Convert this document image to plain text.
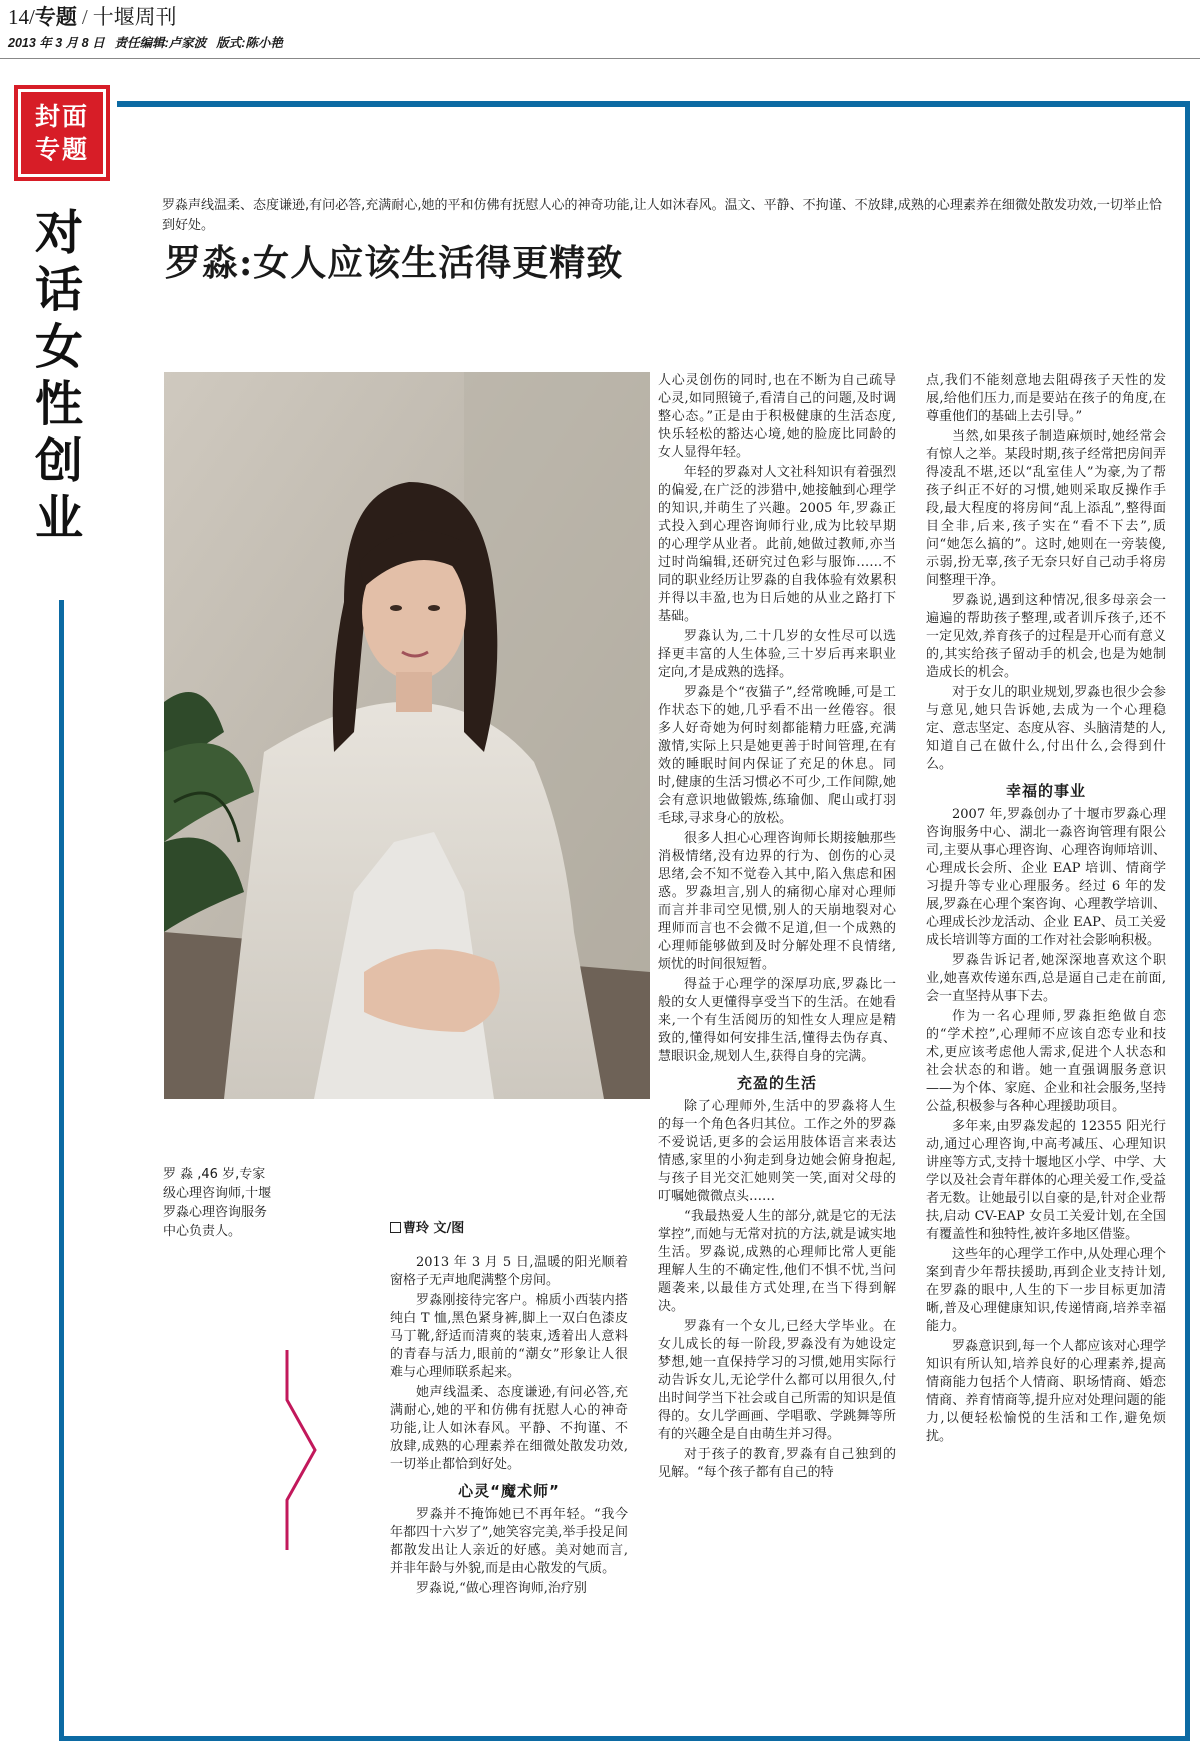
14/专题 / 十堰周刊
2013 年 3 月 8 日 责任编辑:卢家波 版式:陈小艳
封面
专题
对
话
女
性
创
业
罗淼声线温柔、态度谦逊,有问必答,充满耐心,她的平和仿佛有抚慰人心的神奇功能,让人如沐春风。温文、平静、不拘谨、不放肆,成熟的心理素养在细微处散发功效,一切举止恰到好处。
罗淼:女人应该生活得更精致
罗 淼 ,46 岁,专家级心理咨询师,十堰罗淼心理咨询服务中心负责人。	曹玲 文/图

2013 年 3 月 5 日,温暖的阳光顺着窗格子无声地爬满整个房间。

罗淼刚接待完客户。棉质小西装内搭纯白 T 恤,黑色紧身裤,脚上一双白色漆皮马丁靴,舒适而清爽的装束,透着出人意料的青春与活力,眼前的“潮女”形象让人很难与心理师联系起来。

她声线温柔、态度谦逊,有问必答,充满耐心,她的平和仿佛有抚慰人心的神奇功能,让人如沐春风。平静、不拘谨、不放肆,成熟的心理素养在细微处散发功效,一切举止都恰到好处。

心灵“魔术师”

罗淼并不掩饰她已不再年轻。“我今年都四十六岁了”,她笑容完美,举手投足间都散发出让人亲近的好感。美对她而言,并非年龄与外貌,而是由心散发的气质。

罗淼说,“做心理咨询师,治疗别

人心灵创伤的同时,也在不断为自己疏导心灵,如同照镜子,看清自己的问题,及时调整心态。”正是由于积极健康的生活态度,快乐轻松的豁达心境,她的脸庞比同龄的女人显得年轻。

年轻的罗淼对人文社科知识有着强烈的偏爱,在广泛的涉猎中,她接触到心理学的知识,并萌生了兴趣。2005 年,罗淼正式投入到心理咨询师行业,成为比较早期的心理学从业者。此前,她做过教师,亦当过时尚编辑,还研究过色彩与服饰……不同的职业经历让罗淼的自我体验有效累积并得以丰盈,也为日后她的从业之路打下基础。

罗淼认为,二十几岁的女性尽可以选择更丰富的人生体验,三十岁后再来职业定向,才是成熟的选择。

罗淼是个“夜猫子”,经常晚睡,可是工作状态下的她,几乎看不出一丝倦容。很多人好奇她为何时刻都能精力旺盛,充满激情,实际上只是她更善于时间管理,在有效的睡眠时间内保证了充足的休息。同时,健康的生活习惯必不可少,工作间隙,她会有意识地做锻炼,练瑜伽、爬山或打羽毛球,寻求身心的放松。

很多人担心心理咨询师长期接触那些消极情绪,没有边界的行为、创伤的心灵思绪,会不知不觉卷入其中,陷入焦虑和困惑。罗淼坦言,别人的痛彻心扉对心理师而言并非司空见惯,别人的天崩地裂对心理师而言也不会微不足道,但一个成熟的心理师能够做到及时分解处理不良情绪,烦忧的时间很短暂。

得益于心理学的深厚功底,罗淼比一般的女人更懂得享受当下的生活。在她看来,一个有生活阅历的知性女人理应是精致的,懂得如何安排生活,懂得去伪存真、慧眼识金,规划人生,获得自身的完满。

充盈的生活

除了心理师外,生活中的罗淼将人生的每一个角色各归其位。工作之外的罗淼不爱说话,更多的会运用肢体语言来表达情感,家里的小狗走到身边她会俯身抱起,与孩子目光交汇她则笑一笑,面对父母的叮嘱她微微点头……

“我最热爱人生的部分,就是它的无法掌控”,而她与无常对抗的方法,就是诚实地生活。罗淼说,成熟的心理师比常人更能理解人生的不确定性,他们不惧不忧,当问题袭来,以最佳方式处理,在当下得到解决。

罗淼有一个女儿,已经大学毕业。在女儿成长的每一阶段,罗淼没有为她设定梦想,她一直保持学习的习惯,她用实际行动告诉女儿,无论学什么都可以用很久,付出时间学当下社会或自己所需的知识是值得的。女儿学画画、学唱歌、学跳舞等所有的兴趣全是自由萌生并习得。

对于孩子的教育,罗淼有自己独到的见解。“每个孩子都有自己的特

点,我们不能刻意地去阻碍孩子天性的发展,给他们压力,而是要站在孩子的角度,在尊重他们的基础上去引导。”

当然,如果孩子制造麻烦时,她经常会有惊人之举。某段时期,孩子经常把房间弄得凌乱不堪,还以“乱室佳人”为豪,为了帮孩子纠正不好的习惯,她则采取反操作手段,最大程度的将房间“乱上添乱”,整得面目全非,后来,孩子实在“看不下去”,质问“她怎么搞的”。这时,她则在一旁装傻,示弱,扮无辜,孩子无奈只好自己动手将房间整理干净。

罗淼说,遇到这种情况,很多母亲会一遍遍的帮助孩子整理,或者训斥孩子,还不一定见效,养育孩子的过程是开心而有意义的,其实给孩子留动手的机会,也是为她制造成长的机会。

对于女儿的职业规划,罗淼也很少会参与意见,她只告诉她,去成为一个心理稳定、意志坚定、态度从容、头脑清楚的人,知道自己在做什么,付出什么,会得到什么。

幸福的事业

2007 年,罗淼创办了十堰市罗淼心理咨询服务中心、湖北一淼咨询管理有限公司,主要从事心理咨询、心理咨询师培训、心理成长会所、企业 EAP 培训、情商学习提升等专业心理服务。经过 6 年的发展,罗淼在心理个案咨询、心理教学培训、心理成长沙龙活动、企业 EAP、员工关爱成长培训等方面的工作对社会影响积极。

罗淼告诉记者,她深深地喜欢这个职业,她喜欢传递东西,总是逼自己走在前面,会一直坚持从事下去。

作为一名心理师,罗淼拒绝做自恋的“学术控”,心理师不应该自恋专业和技术,更应该考虑他人需求,促进个人状态和社会状态的和谐。她一直强调服务意识——为个体、家庭、企业和社会服务,坚持公益,积极参与各种心理援助项目。

多年来,由罗淼发起的 12355 阳光行动,通过心理咨询,中高考减压、心理知识讲座等方式,支持十堰地区小学、中学、大学以及社会青年群体的心理关爱工作,受益者无数。让她最引以自豪的是,针对企业帮扶,启动 CV-EAP 女员工关爱计划,在全国有覆盖性和独特性,被许多地区借鉴。

这些年的心理学工作中,从处理心理个案到青少年帮扶援助,再到企业支持计划,在罗淼的眼中,人生的下一步目标更加清晰,普及心理健康知识,传递情商,培养幸福能力。

罗淼意识到,每一个人都应该对心理学知识有所认知,培养良好的心理素养,提高情商能力包括个人情商、职场情商、婚恋情商、养育情商等,提升应对处理问题的能力,以便轻松愉悦的生活和工作,避免烦扰。
